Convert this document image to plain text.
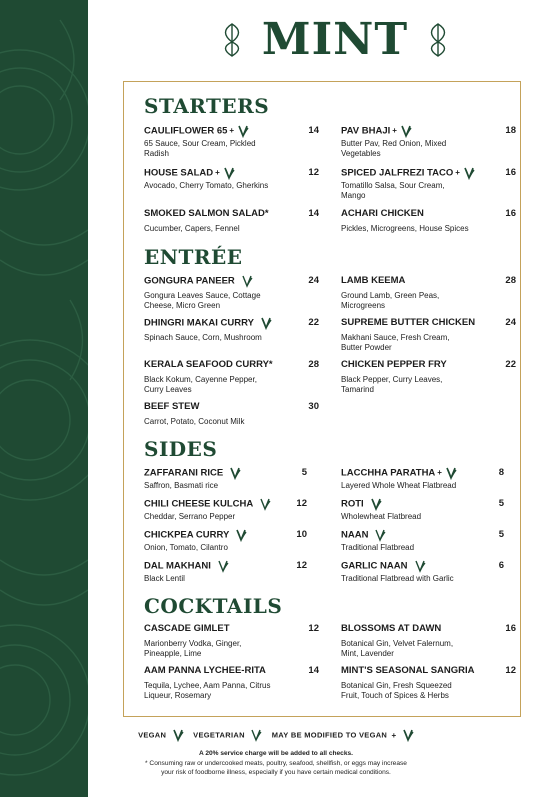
MINT
STARTERS
CAULIFLOWER 65 +	14
65 Sauce, Sour Cream, Pickled Radish
PAV BHAJI +	18
Butter Pav, Red Onion, Mixed Vegetables
HOUSE SALAD +	12
Avocado, Cherry Tomato, Gherkins
SPICED JALFREZI TACO +	16
Tomatillo Salsa, Sour Cream, Mango
SMOKED SALMON SALAD*	14
Cucumber, Capers, Fennel
ACHARI CHICKEN	16
Pickles, Microgreens, House Spices
ENTRÉE
GONGURA PANEER	24
Gongura Leaves Sauce, Cottage Cheese, Micro Green
LAMB KEEMA	28
Ground Lamb, Green Peas, Microgreens
DHINGRI MAKAI CURRY	22
Spinach Sauce, Corn, Mushroom
SUPREME BUTTER CHICKEN	24
Makhani Sauce, Fresh Cream, Butter Powder
KERALA SEAFOOD CURRY*	28
Black Kokum, Cayenne Pepper, Curry Leaves
CHICKEN PEPPER FRY	22
Black Pepper, Curry Leaves, Tamarind
BEEF STEW	30
Carrot, Potato, Coconut Milk
SIDES
ZAFFARANI RICE	5
Saffron, Basmati rice
LACCHHA PARATHA +	8
Layered Whole Wheat Flatbread
CHILI CHEESE KULCHA	12
Cheddar, Serrano Pepper
ROTI	5
Wholewheat Flatbread
CHICKPEA CURRY	10
Onion, Tomato, Cilantro
NAAN	5
Traditional Flatbread
DAL MAKHANI	12
Black Lentil
GARLIC NAAN	6
Traditional Flatbread with Garlic
COCKTAILS
CASCADE GIMLET	12
Marionberry Vodka, Ginger, Pineapple, Lime
BLOSSOMS AT DAWN	16
Botanical Gin, Velvet Falernum, Mint, Lavender
AAM PANNA LYCHEE-RITA	14
Tequila, Lychee, Aam Panna, Citrus Liqueur, Rosemary
MINT'S SEASONAL SANGRIA	12
Botanical Gin, Fresh Squeezed Fruit, Touch of Spices & Herbs
VEGAN	VEGETARIAN	MAY BE MODIFIED TO VEGAN +
A 20% service charge will be added to all checks.
* Consuming raw or undercooked meats, poultry, seafood, shellfish, or eggs may increase
your risk of foodborne illness, especially if you have certain medical conditions.
